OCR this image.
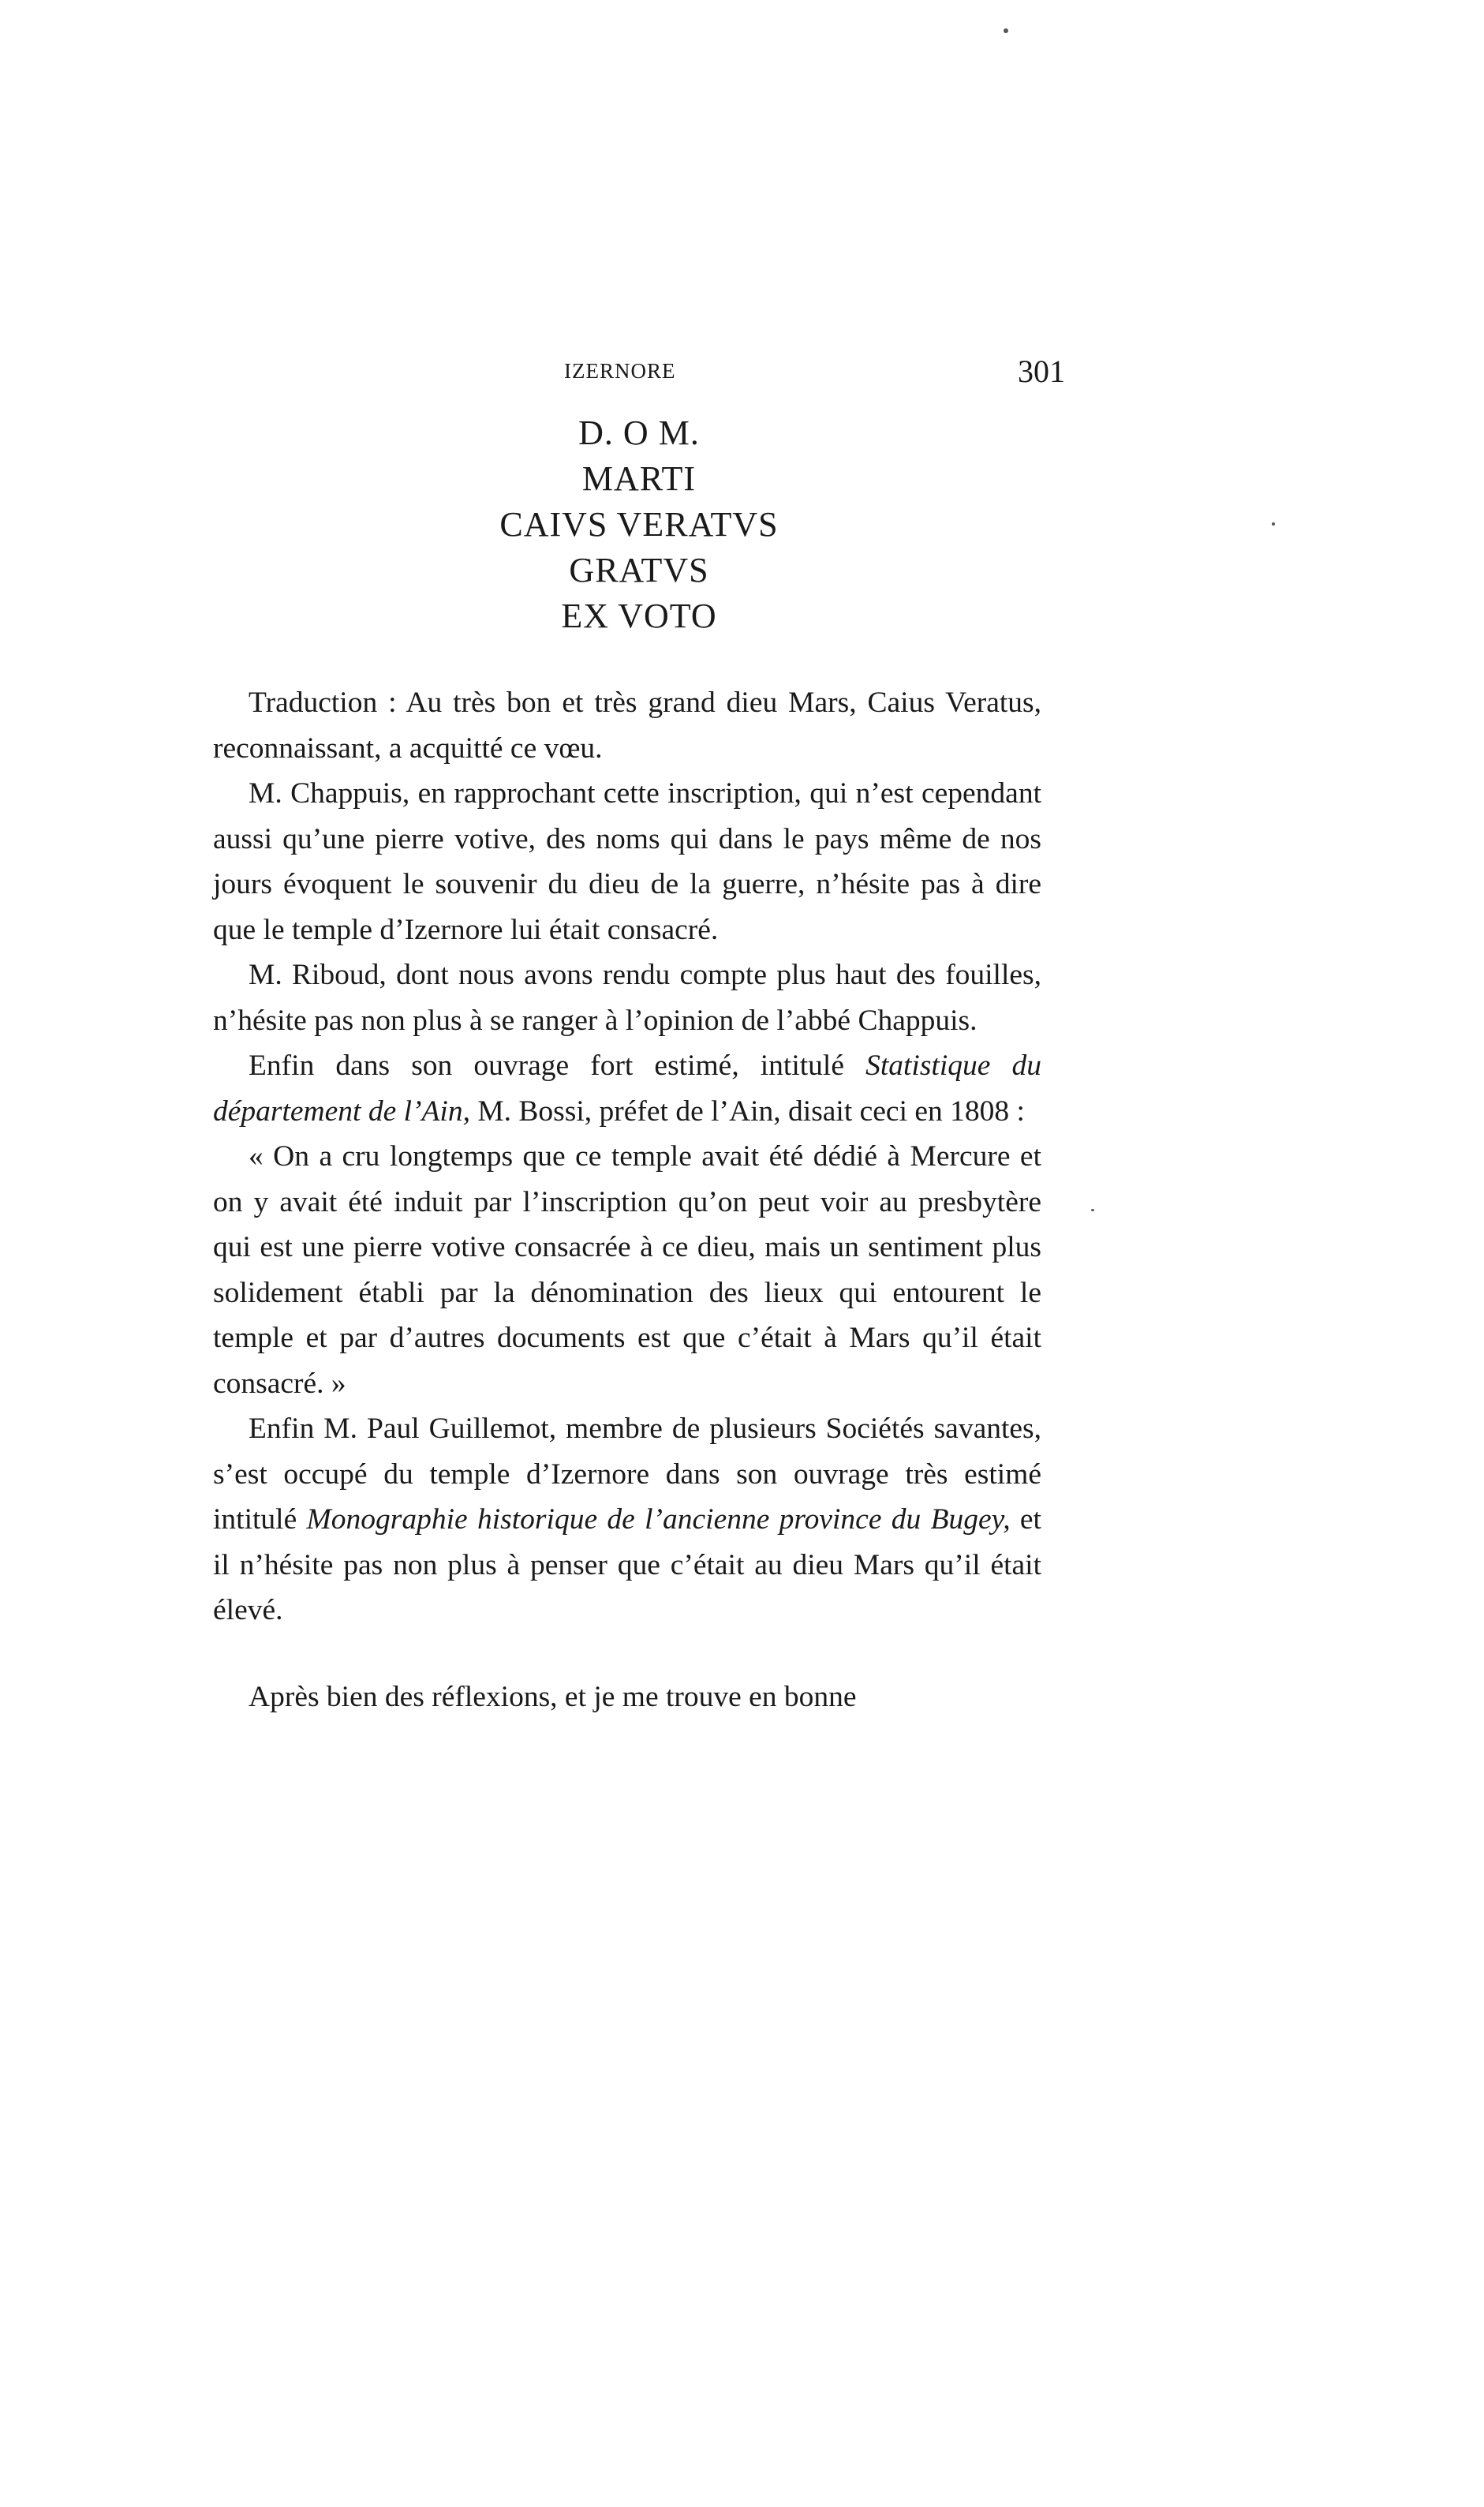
IZERNORE	301
D. O M.
MARTI
CAIVS VERATVS
GRATVS
EX VOTO

Traduction : Au très bon et très grand dieu Mars, Caius Veratus, reconnaissant, a acquitté ce vœu.

M. Chappuis, en rapprochant cette inscription, qui n’est cependant aussi qu’une pierre votive, des noms qui dans le pays même de nos jours évoquent le souvenir du dieu de la guerre, n’hésite pas à dire que le temple d’Izernore lui était consacré.

M. Riboud, dont nous avons rendu compte plus haut des fouilles, n’hésite pas non plus à se ranger à l’opinion de l’abbé Chappuis.

Enfin dans son ouvrage fort estimé, intitulé Statistique du département de l’Ain, M. Bossi, préfet de l’Ain, disait ceci en 1808 :

« On a cru longtemps que ce temple avait été dédié à Mercure et on y avait été induit par l’inscription qu’on peut voir au presbytère qui est une pierre votive consacrée à ce dieu, mais un sentiment plus solidement établi par la dénomination des lieux qui entourent le temple et par d’autres documents est que c’était à Mars qu’il était consacré. »

Enfin M. Paul Guillemot, membre de plusieurs Sociétés savantes, s’est occupé du temple d’Izernore dans son ouvrage très estimé intitulé Monographie historique de l’ancienne province du Bugey, et il n’hésite pas non plus à penser que c’était au dieu Mars qu’il était élevé.

Après bien des réflexions, et je me trouve en bonne
